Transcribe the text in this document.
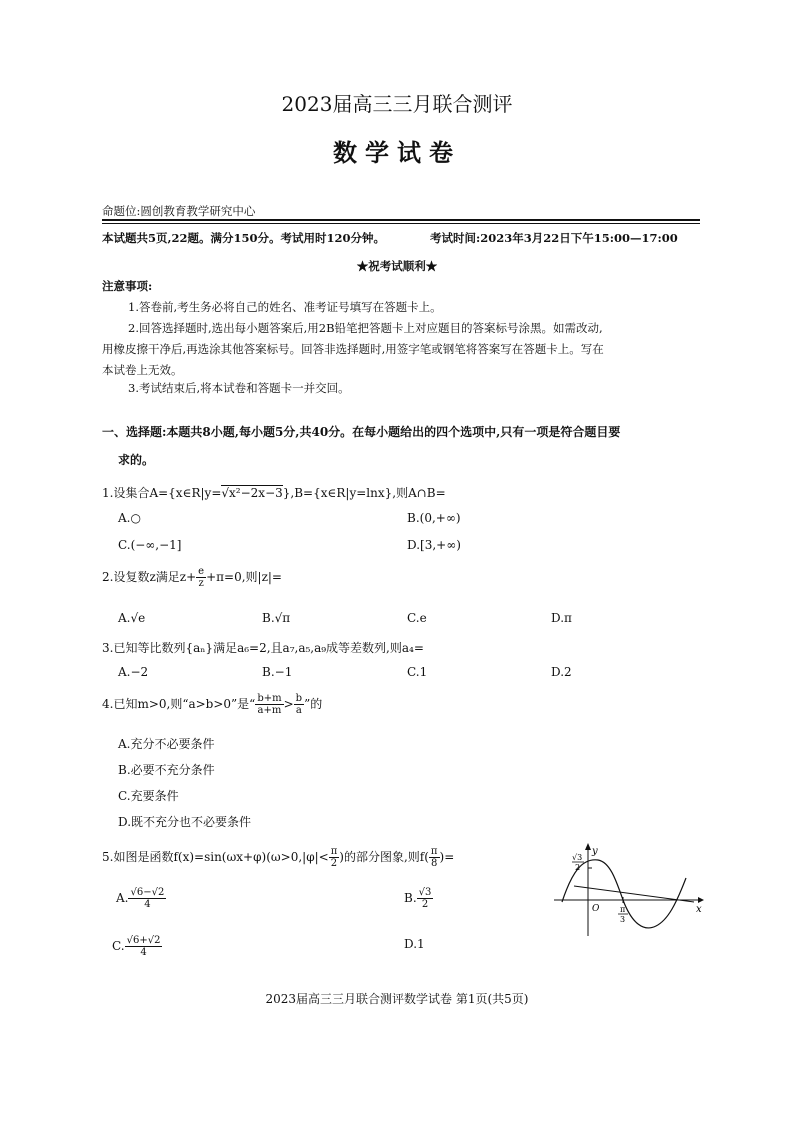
2023届高三三月联合测评
数学试卷
命题位:圆创教育教学研究中心
本试题共5页,22题。满分150分。考试用时120分钟。	考试时间:2023年3月22日下午15:00—17:00
★祝考试顺利★
注意事项:
1.答卷前,考生务必将自己的姓名、准考证号填写在答题卡上。
2.回答选择题时,选出每小题答案后,用2B铅笔把答题卡上对应题目的答案标号涂黑。如需改动,
用橡皮擦干净后,再选涂其他答案标号。回答非选择题时,用签字笔或钢笔将答案写在答题卡上。写在
本试卷上无效。
3.考试结束后,将本试卷和答题卡一并交回。
一、选择题:本题共8小题,每小题5分,共40分。在每小题给出的四个选项中,只有一项是符合题目要
求的。
1.设集合A={x∈R|y=√x²−2x−3},B={x∈R|y=lnx},则A∩B=
A.○	B.(0,+∞)
C.(−∞,−1]	D.[3,+∞)
2.设复数z满足$z+ \frac{e}{z} +\pi=0$,则|z|=
A.√e	B.√π	C.e	D.π
3.已知等比数列{aₙ}满足a₆=2,且a₇,a₅,a₉成等差数列,则a₄=
A.−2	B.−1	C.1	D.2
4.已知m>0,则“a>b>0”是“ $\frac{b+m}{a+m} > \frac{b}{a}$ ”的
A.充分不必要条件
B.必要不充分条件
C.充要条件
D.既不充分也不必要条件
5.如图是函数$f(x)=\sin(\omega x+\varphi)(\omega>0,|\varphi|< \frac{\pi}{2}$ )的部分图象,则$f( \frac{\pi}{8}$ )=
A. $\frac{√6-√2}{4}$	B. $\frac{√3}{2}$
C. $\frac{√6+√2}{4}$	D.1
y
x
O
√3
2
π
3
2023届高三三月联合测评数学试卷 第1页(共5页)
